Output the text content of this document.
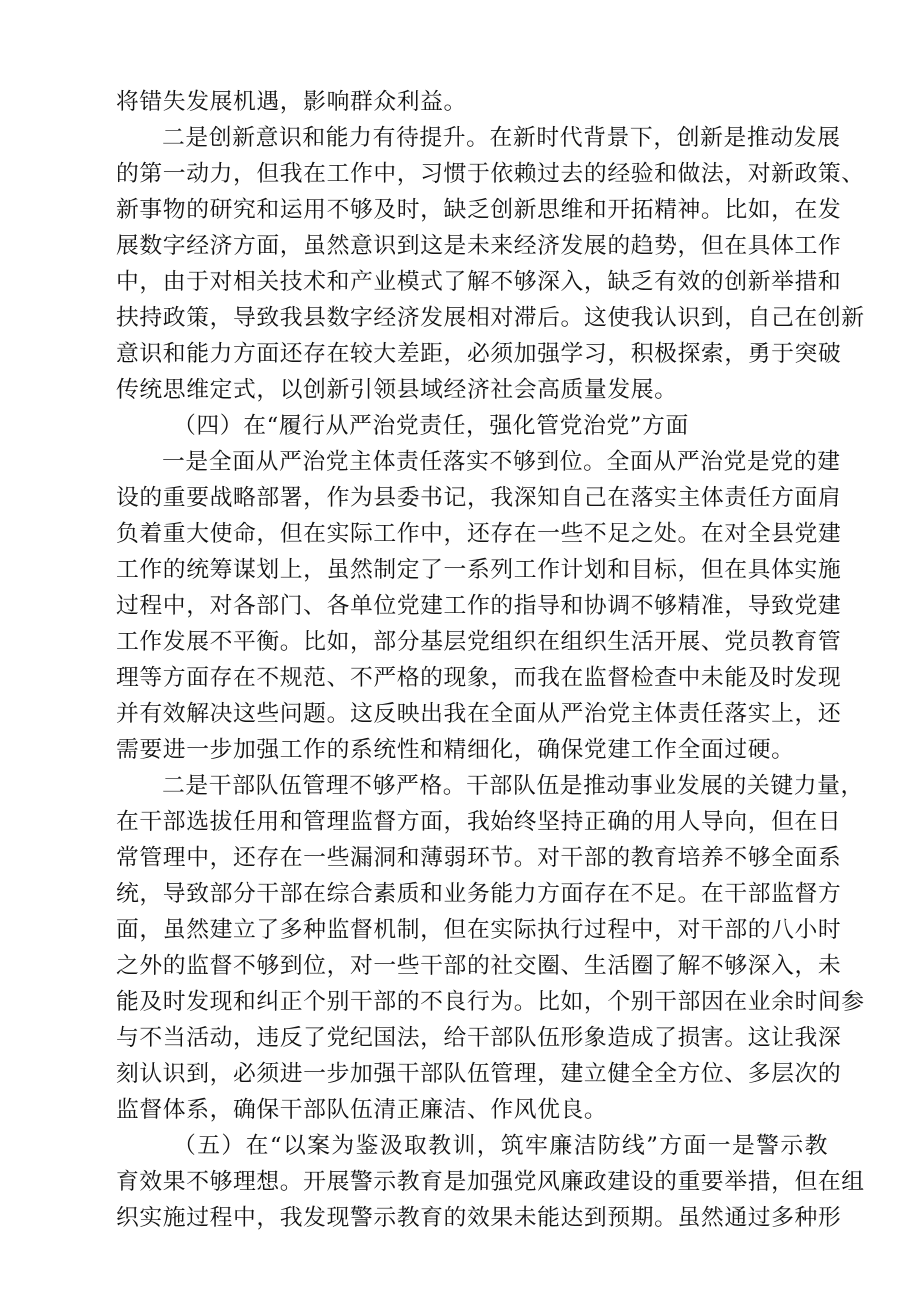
将错失发展机遇，影响群众利益。
二是创新意识和能力有待提升。在新时代背景下，创新是推动发展
的第一动力，但我在工作中，习惯于依赖过去的经验和做法，对新政策、
新事物的研究和运用不够及时，缺乏创新思维和开拓精神。比如，在发
展数字经济方面，虽然意识到这是未来经济发展的趋势，但在具体工作
中，由于对相关技术和产业模式了解不够深入，缺乏有效的创新举措和
扶持政策，导致我县数字经济发展相对滞后。这使我认识到，自己在创新
意识和能力方面还存在较大差距，必须加强学习，积极探索，勇于突破
传统思维定式，以创新引领县域经济社会高质量发展。
（四）在“履行从严治党责任，强化管党治党”方面
一是全面从严治党主体责任落实不够到位。全面从严治党是党的建
设的重要战略部署，作为县委书记，我深知自己在落实主体责任方面肩
负着重大使命，但在实际工作中，还存在一些不足之处。在对全县党建
工作的统筹谋划上，虽然制定了一系列工作计划和目标，但在具体实施
过程中，对各部门、各单位党建工作的指导和协调不够精准，导致党建
工作发展不平衡。比如，部分基层党组织在组织生活开展、党员教育管
理等方面存在不规范、不严格的现象，而我在监督检查中未能及时发现
并有效解决这些问题。这反映出我在全面从严治党主体责任落实上，还
需要进一步加强工作的系统性和精细化，确保党建工作全面过硬。
二是干部队伍管理不够严格。干部队伍是推动事业发展的关键力量，
在干部选拔任用和管理监督方面，我始终坚持正确的用人导向，但在日
常管理中，还存在一些漏洞和薄弱环节。对干部的教育培养不够全面系
统，导致部分干部在综合素质和业务能力方面存在不足。在干部监督方
面，虽然建立了多种监督机制，但在实际执行过程中，对干部的八小时
之外的监督不够到位，对一些干部的社交圈、生活圈了解不够深入，未
能及时发现和纠正个别干部的不良行为。比如，个别干部因在业余时间参
与不当活动，违反了党纪国法，给干部队伍形象造成了损害。这让我深
刻认识到，必须进一步加强干部队伍管理，建立健全全方位、多层次的
监督体系，确保干部队伍清正廉洁、作风优良。
（五）在“以案为鉴汲取教训，筑牢廉洁防线”方面一是警示教
育效果不够理想。开展警示教育是加强党风廉政建设的重要举措，但在组
织实施过程中，我发现警示教育的效果未能达到预期。虽然通过多种形
